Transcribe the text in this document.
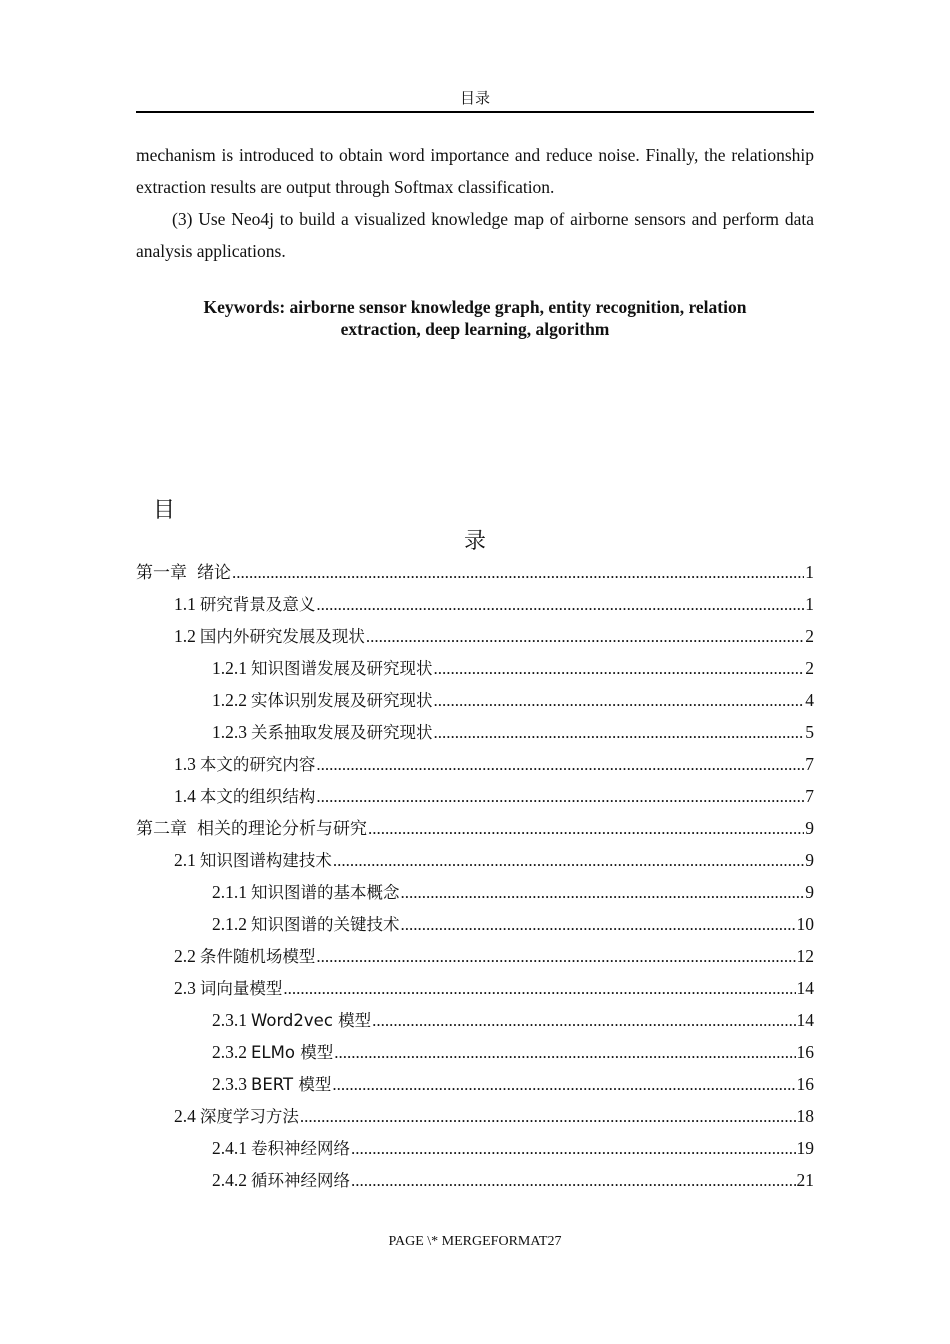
目录

mechanism is introduced to obtain word importance and reduce noise. Finally, the relationship extraction results are output through Softmax classification.

(3) Use Neo4j to build a visualized knowledge map of airborne sensors and perform data analysis applications.

Keywords: airborne sensor knowledge graph, entity recognition, relation
extraction, deep learning, algorithm
目
录
第一章 绪论 .....	1
1.1 研究背景及意义 .....	1
1.2 国内外研究发展及现状 .....	2
1.2.1 知识图谱发展及研究现状 .....	2
1.2.2 实体识别发展及研究现状 .....	4
1.2.3 关系抽取发展及研究现状 .....	5
1.3 本文的研究内容 .....	7
1.4 本文的组织结构 .....	7
第二章 相关的理论分析与研究 .....	9
2.1 知识图谱构建技术 .....	9
2.1.1 知识图谱的基本概念 .....	9
2.1.2 知识图谱的关键技术 .....	10
2.2 条件随机场模型 .....	12
2.3 词向量模型 .....	14
2.3.1 Word2vec 模型 .....	14
2.3.2 ELMo 模型 .....	16
2.3.3 BERT 模型 .....	16
2.4 深度学习方法 .....	18
2.4.1 卷积神经网络 .....	19
2.4.2 循环神经网络 .....	21
PAGE \* MERGEFORMAT27
